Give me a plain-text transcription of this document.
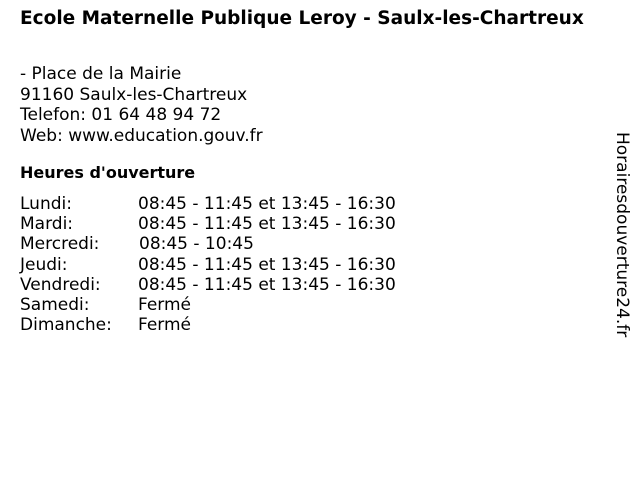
Ecole Maternelle Publique Leroy - Saulx-les-Chartreux
- Place de la Mairie
91160 Saulx-les-Chartreux
Telefon: 01 64 48 94 72
Web: www.education.gouv.fr
Heures d'ouverture
Lundi:	08:45 - 11:45 et 13:45 - 16:30
Mardi:	08:45 - 11:45 et 13:45 - 16:30
Mercredi: 08:45 - 10:45
Jeudi:	08:45 - 11:45 et 13:45 - 16:30
Vendredi: 08:45 - 11:45 et 13:45 - 16:30
Samedi:	Fermé
Dimanche: Fermé	Horairesdouverture24.fr
